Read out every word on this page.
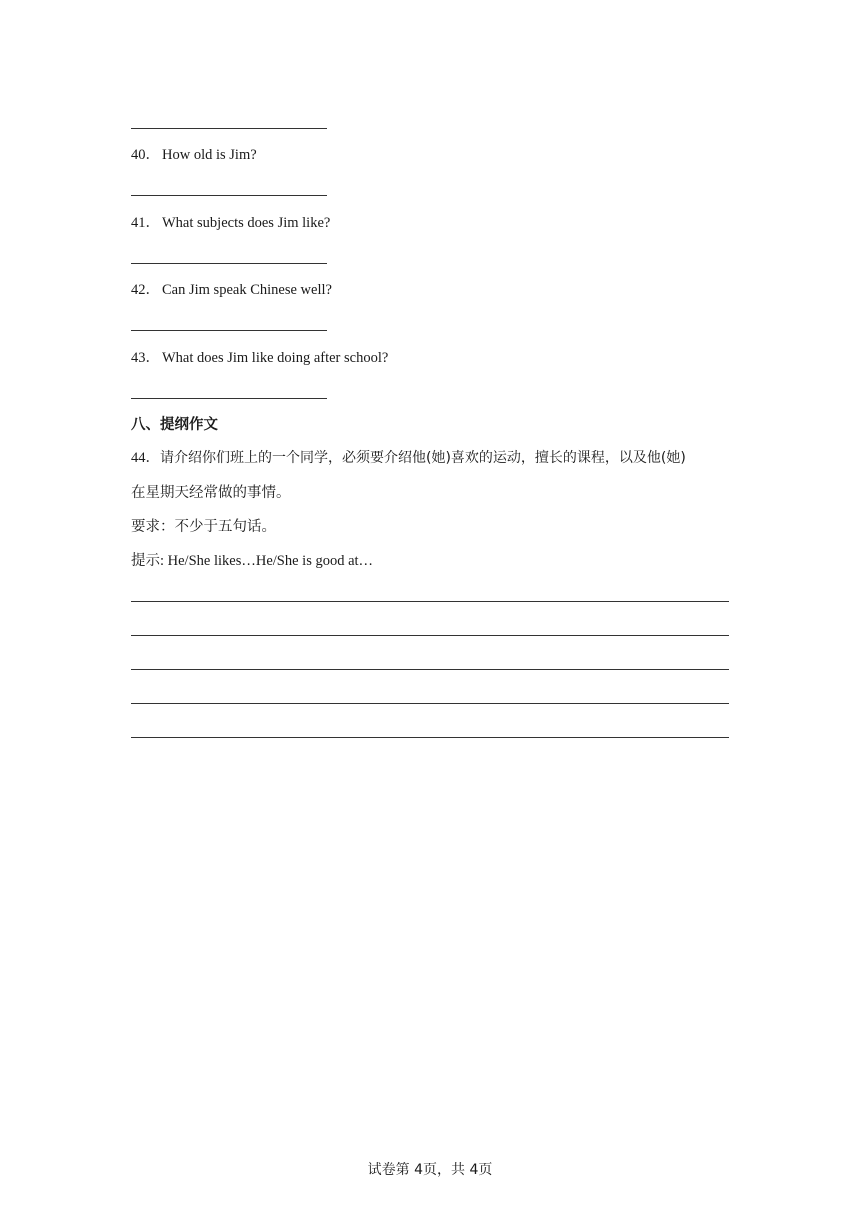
40． How old is Jim?
41． What subjects does Jim like?
42． Can Jim speak Chinese well?
43． What does Jim like doing after school?
八、提纲作文
44．请介绍你们班上的一个同学，必须要介绍他(她)喜欢的运动，擅长的课程，以及他(她)
在星期天经常做的事情。
要求：不少于五句话。
提示: He/She likes…He/She is good at…
试卷第 4页，共 4页
